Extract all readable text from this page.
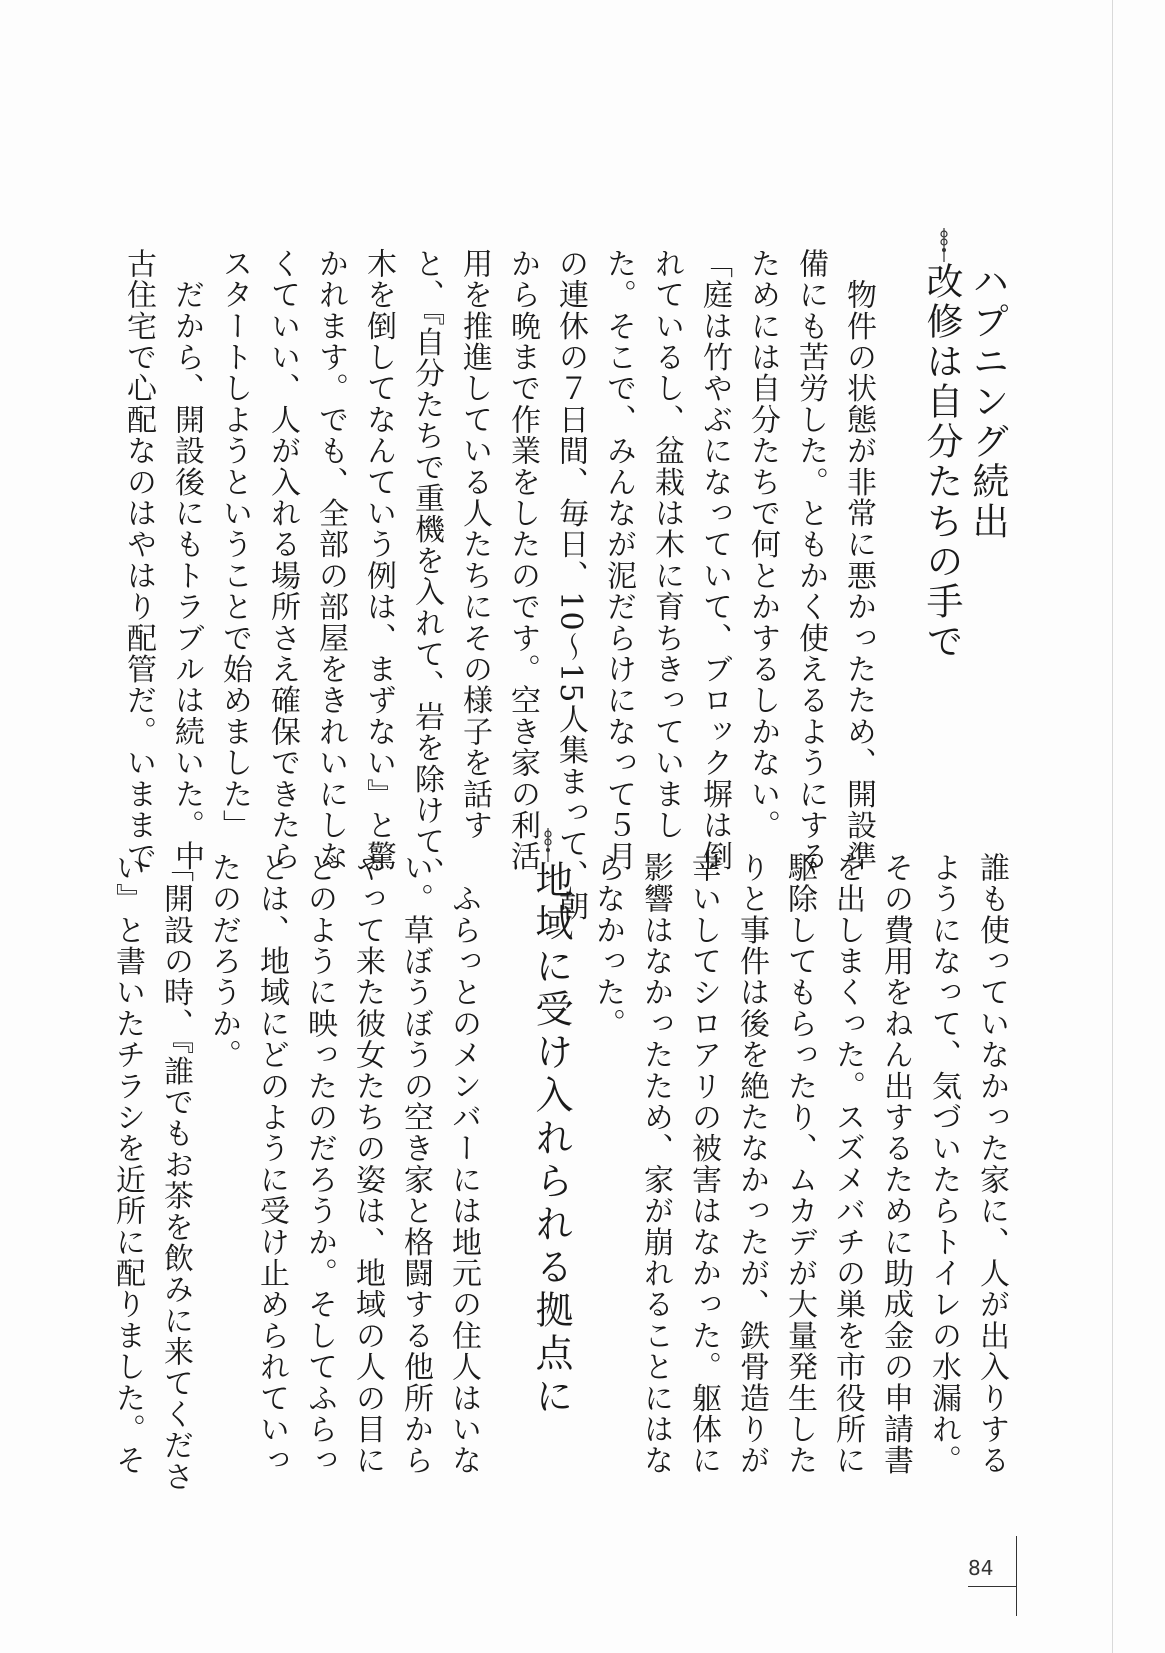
ハプニング続出
改修は自分たちの手で

　物件の状態が非常に悪かったため、開設準

備にも苦労した。ともかく使えるようにする

ためには自分たちで何とかするしかない。

「庭は竹やぶになっていて、ブロック塀は倒

れているし、盆栽は木に育ちきっていまし

た。そこで、みんなが泥だらけになって５月

の連休の７日間、毎日、10～15人集まって、朝

から晩まで作業をしたのです。空き家の利活

用を推進している人たちにその様子を話す

と、『自分たちで重機を入れて、岩を除けて、

木を倒してなんていう例は、まずない』と驚

かれます。でも、全部の部屋をきれいにしな

くていい、人が入れる場所さえ確保できたら

スタートしようということで始めました」

　だから、開設後にもトラブルは続いた。中

古住宅で心配なのはやはり配管だ。いままで

地域に受け入れられる拠点に	誰も使っていなかった家に、人が出入りする

ようになって、気づいたらトイレの水漏れ。

その費用をねん出するために助成金の申請書

を出しまくった。スズメバチの巣を市役所に

駆除してもらったり、ムカデが大量発生した

りと事件は後を絶たなかったが、鉄骨造りが

幸いしてシロアリの被害はなかった。躯体に

影響はなかったため、家が崩れることにはな

らなかった。

　ふらっとのメンバーには地元の住人はいな

い。草ぼうぼうの空き家と格闘する他所から

やって来た彼女たちの姿は、地域の人の目に

どのように映ったのだろうか。そしてふらっ

とは、地域にどのように受け止められていっ

たのだろうか。

「開設の時、『誰でもお茶を飲みに来てくださ

い』と書いたチラシを近所に配りました。そ

84
